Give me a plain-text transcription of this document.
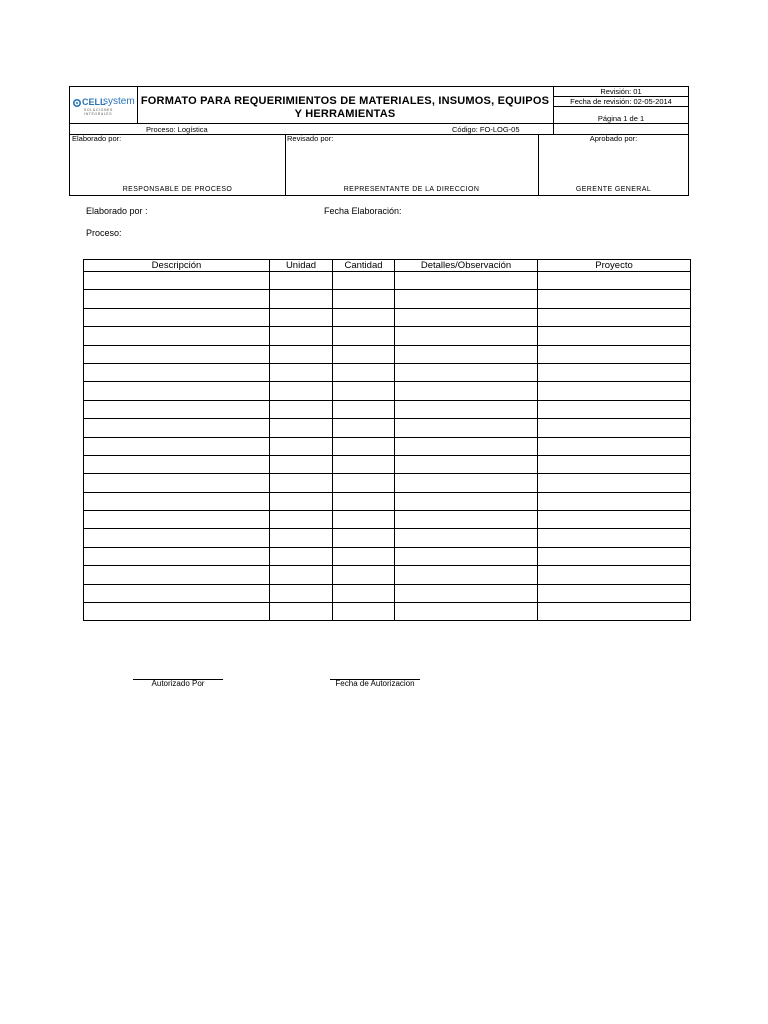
CELL
system
SOLUCIONES INTEGRALES
FORMATO PARA REQUERIMIENTOS DE MATERIALES, INSUMOS, EQUIPOS Y HERRAMIENTAS
Revisión: 01
Fecha de revisión: 02-05-2014
Página 1 de 1
Proceso: Logística	Código: FO-LOG-05
Elaborado por:	Revisado por:	Aprobado por:
RESPONSABLE DE PROCESO	REPRESENTANTE DE LA DIRECCION	GERENTE GENERAL
Elaborado por :	Fecha Elaboración:
Proceso:
Descripción	Unidad	Cantidad	Detalles/Observación	Proyecto

Autorizado Por	Fecha de Autorizacion
